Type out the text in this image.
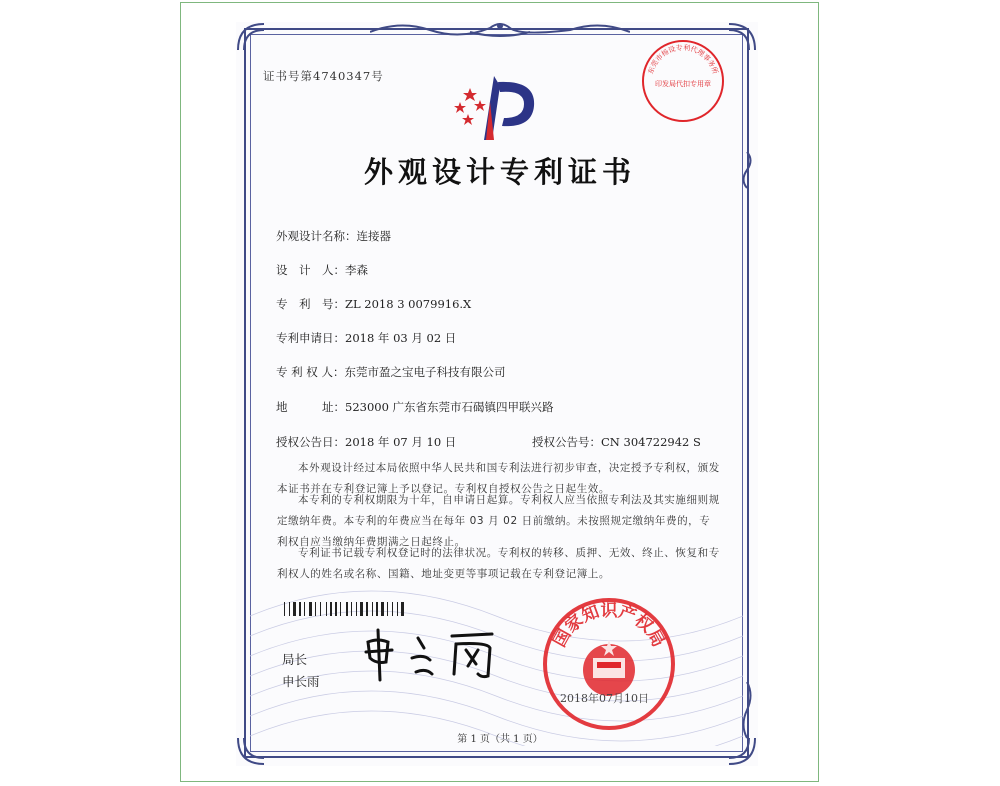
证书号第4740347号
外观设计专利证书
外观设计名称：连接器
设　计　人：李森
专　利　号：ZL 2018 3 0079916.X
专利申请日：2018 年 03 月 02 日
专 利 权 人：东莞市盈之宝电子科技有限公司
地　　　址：523000 广东省东莞市石碣镇四甲联兴路
授权公告日：2018 年 07 月 10 日	授权公告号：CN 304722942 S
本外观设计经过本局依照中华人民共和国专利法进行初步审查，决定授予专利权，颁发本证书并在专利登记簿上予以登记。专利权自授权公告之日起生效。
本专利的专利权期限为十年，自申请日起算。专利权人应当依照专利法及其实施细则规定缴纳年费。本专利的年费应当在每年 03 月 02 日前缴纳。未按照规定缴纳年费的，专利权自应当缴纳年费期满之日起终止。
专利证书记载专利权登记时的法律状况。专利权的转移、质押、无效、终止、恢复和专利权人的姓名或名称、国籍、地址变更等事项记载在专利登记簿上。
局长
申长雨
国家知识产权局
2018年07月10日
东莞市杨设专利代理事务所
印发局代扣专用章
第 1 页（共 1 页）
